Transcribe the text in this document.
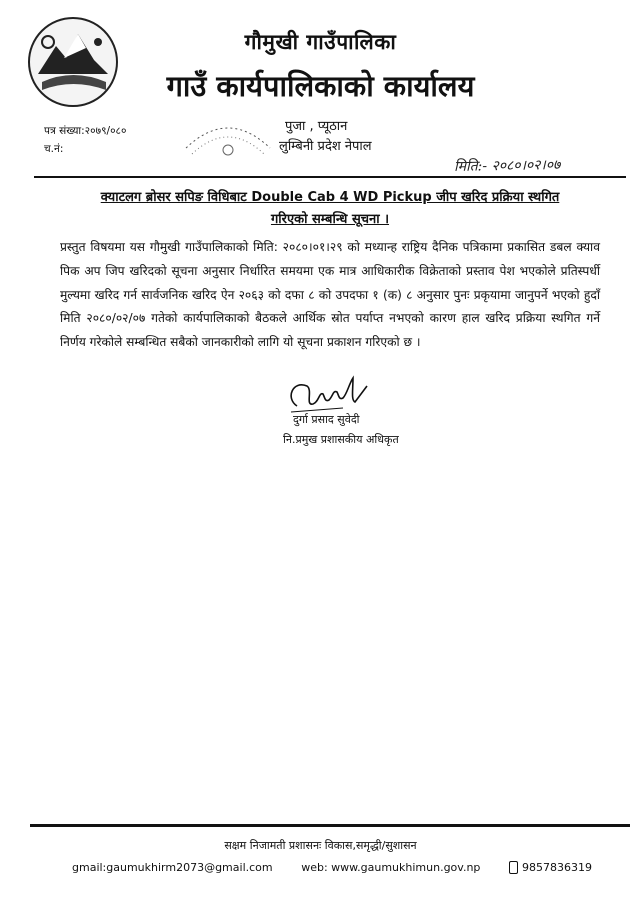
गौमुखी गाउँपालिका
गाउँ कार्यपालिकाको कार्यालय
पत्र संख्या:२०७९/०८०
च.नं:
पुजा , प्यूठान
लुम्बिनी प्रदेश नेपाल
मिति:- २०८०।०२।०७
क्याटलग ब्रोसर सपिङ विधिबाट Double Cab 4 WD Pickup जीप खरिद प्रक्रिया स्थगित
गरिएको सम्बन्धि सूचना ।
प्रस्तुत विषयमा यस गौमुखी गाउँपालिकाको मिति: २०८०।०१।२९ को मध्यान्ह राष्ट्रिय दैनिक पत्रिकामा प्रकासित डबल क्याव पिक अप जिप खरिदको सूचना अनुसार निर्धारित समयमा एक मात्र आधिकारीक विक्रेताको प्रस्ताव पेश भएकोले प्रतिस्पर्धी मुल्यमा खरिद गर्न सार्वजनिक खरिद ऐन २०६३ को दफा ८ को उपदफा १ (क) ८ अनुसार पुनः प्रकृयामा जानुपर्ने भएको हुदाँ मिति २०८०/०२/०७ गतेको कार्यपालिकाको बैठकले आर्थिक स्रोत पर्याप्त नभएको कारण हाल खरिद प्रक्रिया स्थगित गर्ने निर्णय गरेकोले सम्बन्धित सबैको जानकारीको लागि यो सूचना प्रकाशन गरिएको छ ।
दुर्गा प्रसाद सुवेदी
नि.प्रमुख प्रशासकीय अधिकृत
सक्षम निजामती प्रशासनः विकास,समृद्धी/सुशासन
gmail:gaumukhirm2073@gmail.com	web: www.gaumukhimun.gov.np	9857836319
